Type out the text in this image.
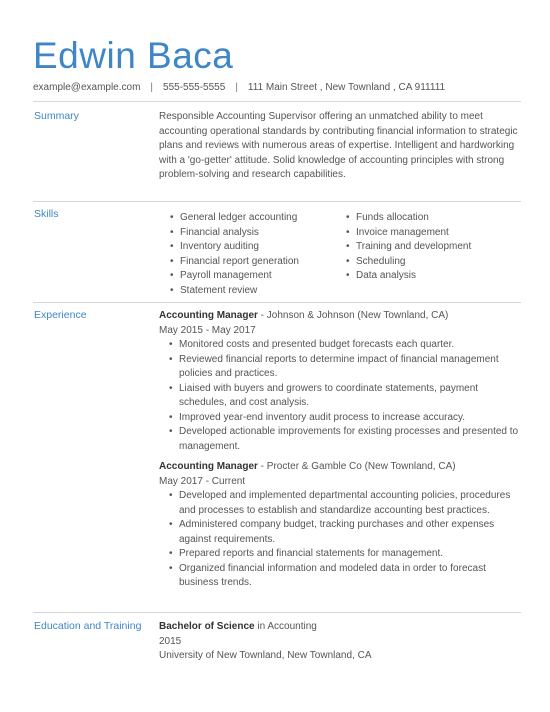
Edwin Baca
example@example.com | 555-555-5555 | 111 Main Street , New Townland , CA 911111
Summary	Responsible Accounting Supervisor offering an unmatched ability to meet accounting operational standards by contributing financial information to strategic plans and reviews with numerous areas of expertise. Intelligent and hardworking with a 'go-getter' attitude. Solid knowledge of accounting principles with strong problem-solving and research capabilities.
Skills
•	General ledger accounting
• Financial analysis
• Inventory auditing
• Financial report generation
• Payroll management
• Statement review
• Funds allocation
• Invoice management
• Training and development
• Scheduling
• Data analysis
Experience	Accounting Manager - Johnson & Johnson (New Townland, CA)
May 2015 - May 2017
• Monitored costs and presented budget forecasts each quarter.
• Reviewed financial reports to determine impact of financial management policies and practices.
• Liaised with buyers and growers to coordinate statements, payment schedules, and cost analysis.
• Improved year-end inventory audit process to increase accuracy.
• Developed actionable improvements for existing processes and presented to management.
Accounting Manager - Procter & Gamble Co (New Townland, CA)
May 2017 - Current
• Developed and implemented departmental accounting policies, procedures and processes to establish and standardize accounting best practices.
• Administered company budget, tracking purchases and other expenses against requirements.
• Prepared reports and financial statements for management.
• Organized financial information and modeled data in order to forecast business trends.
Education and Training Bachelor of Science in Accounting
2015
University of New Townland, New Townland, CA
